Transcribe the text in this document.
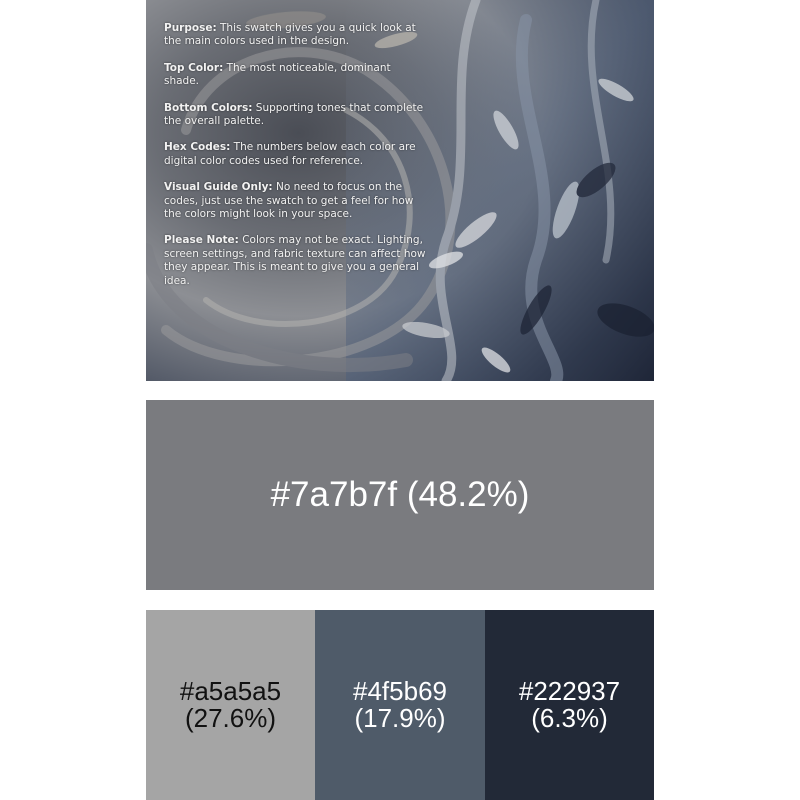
Purpose: This swatch gives you a quick look at the main colors used in the design.

Top Color: The most noticeable, dominant shade.

Bottom Colors: Supporting tones that complete the overall palette.

Hex Codes: The numbers below each color are digital color codes used for reference.

Visual Guide Only: No need to focus on the codes, just use the swatch to get a feel for how the colors might look in your space.

Please Note: Colors may not be exact. Lighting, screen settings, and fabric texture can affect how they appear. This is meant to give you a general idea.

#7a7b7f (48.2%)
#a5a5a5
(27.6%)
#4f5b69
(17.9%)
#222937
(6.3%)
